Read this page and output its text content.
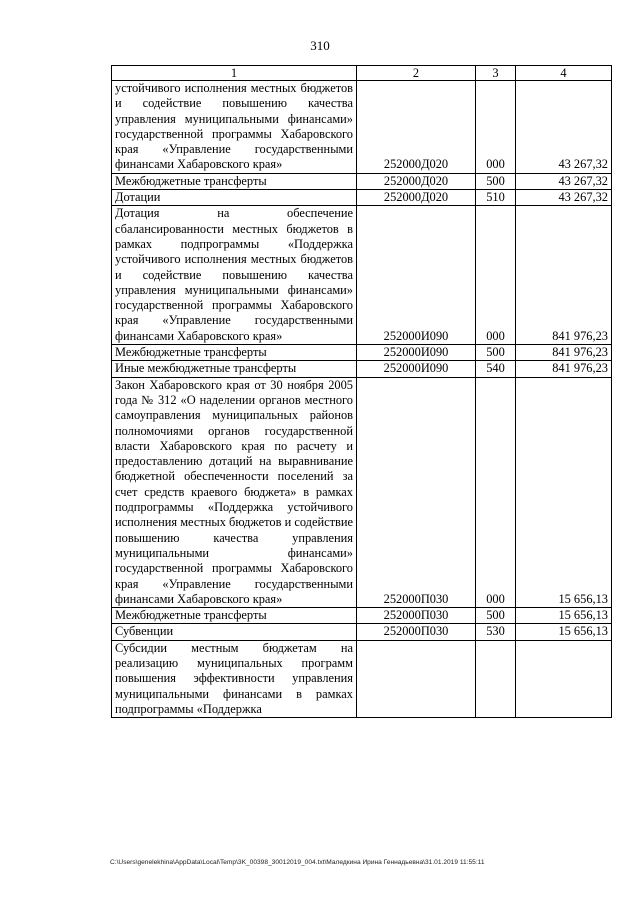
310
1	2	3	4
устойчивого исполнения местных бюджетов и содействие повышению качества управления муниципальными финансами» государственной программы Хабаровского края «Управление государственными финансами Хабаровского края»	252000Д020	000	43 267,32
Межбюджетные трансферты	252000Д020	500	43 267,32
Дотации	252000Д020	510	43 267,32
Дотация на обеспечение сбалансированности местных бюджетов в рамках подпрограммы «Поддержка устойчивого исполнения местных бюджетов и содействие повышению качества управления муниципальными финансами» государственной программы Хабаровского края «Управление государственными финансами Хабаровского края»	252000И090	000	841 976,23
Межбюджетные трансферты	252000И090	500	841 976,23
Иные межбюджетные трансферты	252000И090	540	841 976,23
Закон Хабаровского края от 30 ноября 2005 года № 312 «О наделении органов местного самоуправления муниципальных районов полномочиями органов государственной власти Хабаровского края по расчету и предоставлению дотаций на выравнивание бюджетной обеспеченности поселений за счет средств краевого бюджета» в рамках подпрограммы «Поддержка устойчивого исполнения местных бюджетов и содействие повышению качества управления муниципальными финансами» государственной программы Хабаровского края «Управление государственными финансами Хабаровского края»	252000П030	000	15 656,13
Межбюджетные трансферты	252000П030	500	15 656,13
Субвенции	252000П030	530	15 656,13
Субсидии местным бюджетам на реализацию муниципальных программ повышения эффективности управления муниципальными финансами в рамках подпрограммы «Поддержка			
C:\Users\genelekhina\AppData\Local\Temp\3K_00398_30012019_004.txt\Маледкина Ирина Геннадьевна\31.01.2019 11:55:11
